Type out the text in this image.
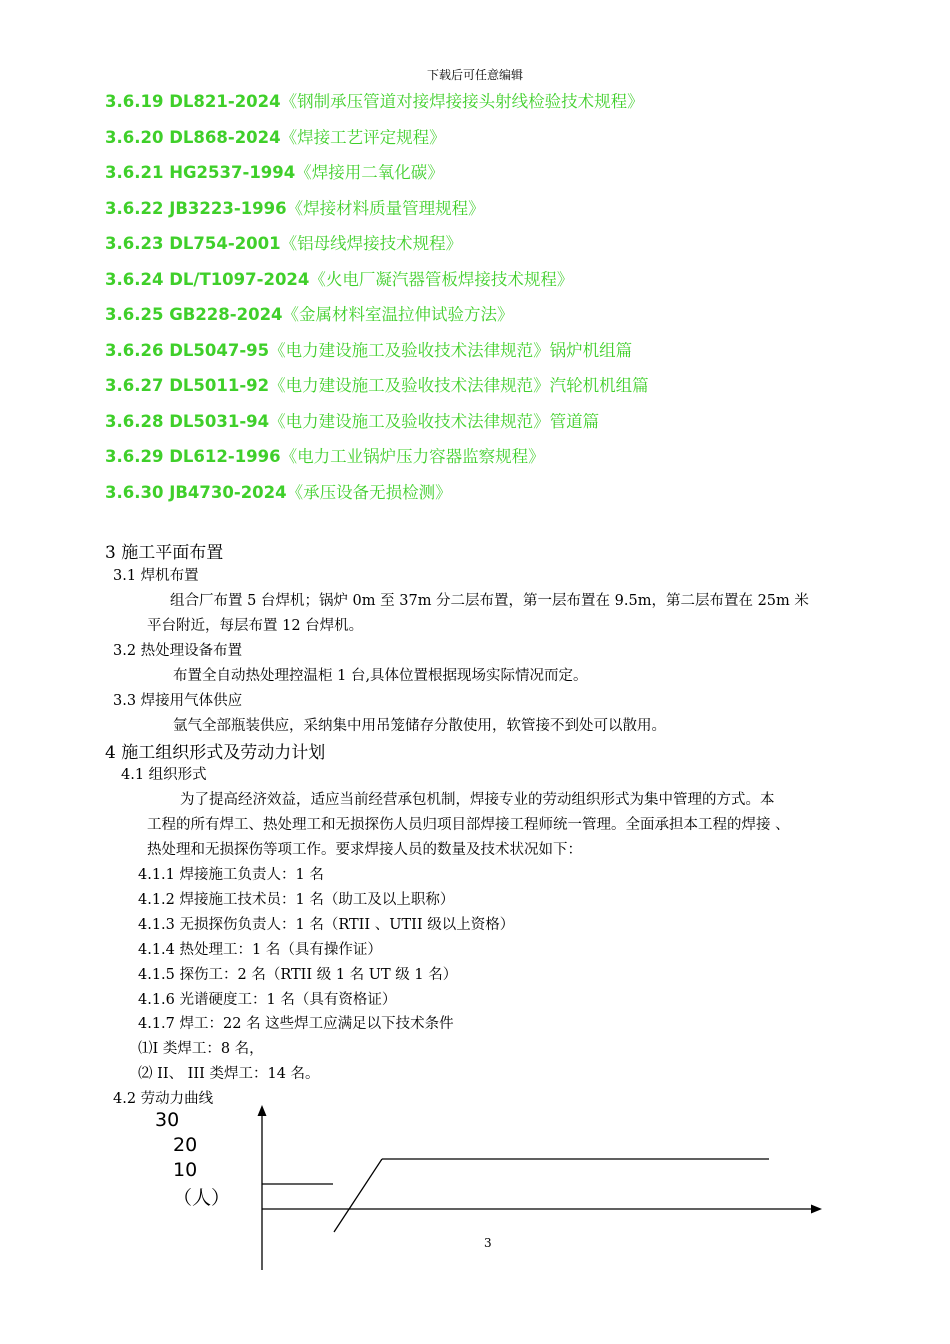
下载后可任意编辑
3.6.19 DL821-2024《钢制承压管道对接焊接接头射线检验技术规程》
3.6.20 DL868-2024《焊接工艺评定规程》
3.6.21 HG2537-1994《焊接用二氧化碳》
3.6.22 JB3223-1996《焊接材料质量管理规程》
3.6.23 DL754-2001《铝母线焊接技术规程》
3.6.24 DL/T1097-2024《火电厂凝汽器管板焊接技术规程》
3.6.25 GB228-2024《金属材料室温拉伸试验方法》
3.6.26 DL5047-95《电力建设施工及验收技术法律规范》锅炉机组篇
3.6.27 DL5011-92《电力建设施工及验收技术法律规范》汽轮机机组篇
3.6.28 DL5031-94《电力建设施工及验收技术法律规范》管道篇
3.6.29 DL612-1996《电力工业锅炉压力容器监察规程》
3.6.30 JB4730-2024《承压设备无损检测》
3 施工平面布置
3.1 焊机布置
组合厂布置 5 台焊机；锅炉 0m 至 37m 分二层布置，第一层布置在 9.5m，第二层布置在 25m 米
平台附近，每层布置 12 台焊机。
3.2 热处理设备布置
布置全自动热处理控温柜 1 台,具体位置根据现场实际情况而定。
3.3 焊接用气体供应
氩气全部瓶装供应，采纳集中用吊笼储存分散使用，软管接不到处可以散用。
4 施工组织形式及劳动力计划
4.1 组织形式
为了提高经济效益，适应当前经营承包机制，焊接专业的劳动组织形式为集中管理的方式。本
工程的所有焊工、热处理工和无损探伤人员归项目部焊接工程师统一管理。全面承担本工程的焊接 、
热处理和无损探伤等项工作。要求焊接人员的数量及技术状况如下：
4.1.1 焊接施工负责人：1 名
4.1.2 焊接施工技术员：1 名（助工及以上职称）
4.1.3 无损探伤负责人：1 名（RTII 、UTII 级以上资格）
4.1.4 热处理工：1 名（具有操作证）
4.1.5 探伤工：2 名（RTII 级 1 名 UT 级 1 名）
4.1.6 光谱硬度工：1 名（具有资格证）
4.1.7 焊工：22 名 这些焊工应满足以下技术条件
⑴I 类焊工：8 名，
⑵ II、 III 类焊工：14 名。
4.2 劳动力曲线
30
20
10
（人）
3
